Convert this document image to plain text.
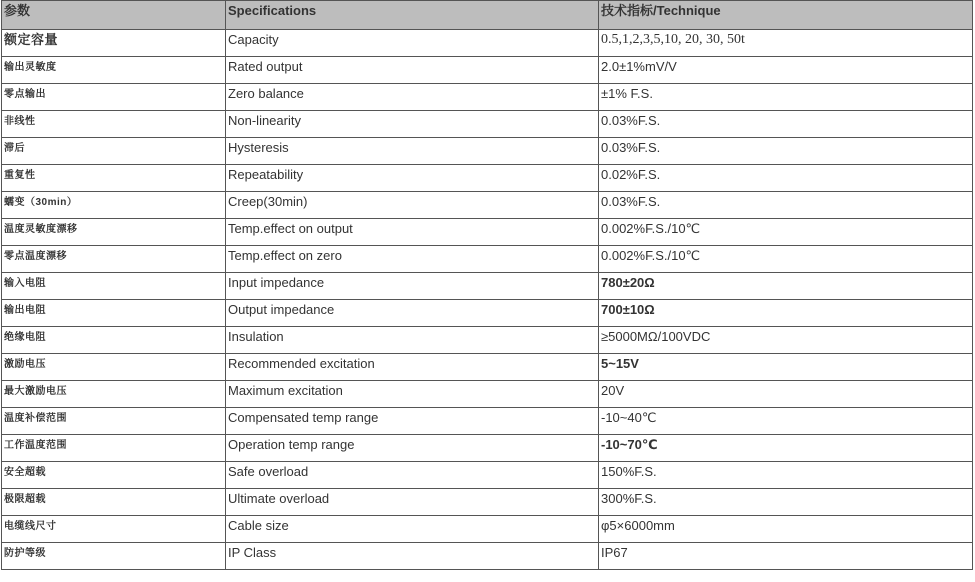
参数	Specifications	技术指标/Technique
额定容量	Capacity	0.5,1,2,3,5,10, 20, 30, 50t
输出灵敏度	Rated output	2.0±1%mV/V
零点输出	Zero balance	±1% F.S.
非线性	Non-linearity	0.03%F.S.
滞后	Hysteresis	0.03%F.S.
重复性	Repeatability	0.02%F.S.
蠕变（30min）	Creep(30min)	0.03%F.S.
温度灵敏度漂移	Temp.effect on output	0.002%F.S./10℃
零点温度漂移	Temp.effect on zero	0.002%F.S./10℃
输入电阻	Input impedance	780±20Ω
输出电阻	Output impedance	700±10Ω
绝缘电阻	Insulation	≥5000MΩ/100VDC
激励电压	Recommended excitation	5~15V
最大激励电压	Maximum excitation	20V
温度补偿范围	Compensated temp range	-10~40℃
工作温度范围	Operation temp range	-10~70℃
安全超载	Safe overload	150%F.S.
极限超载	Ultimate overload	300%F.S.
电缆线尺寸	Cable size	φ5×6000mm
防护等级	IP Class	IP67
